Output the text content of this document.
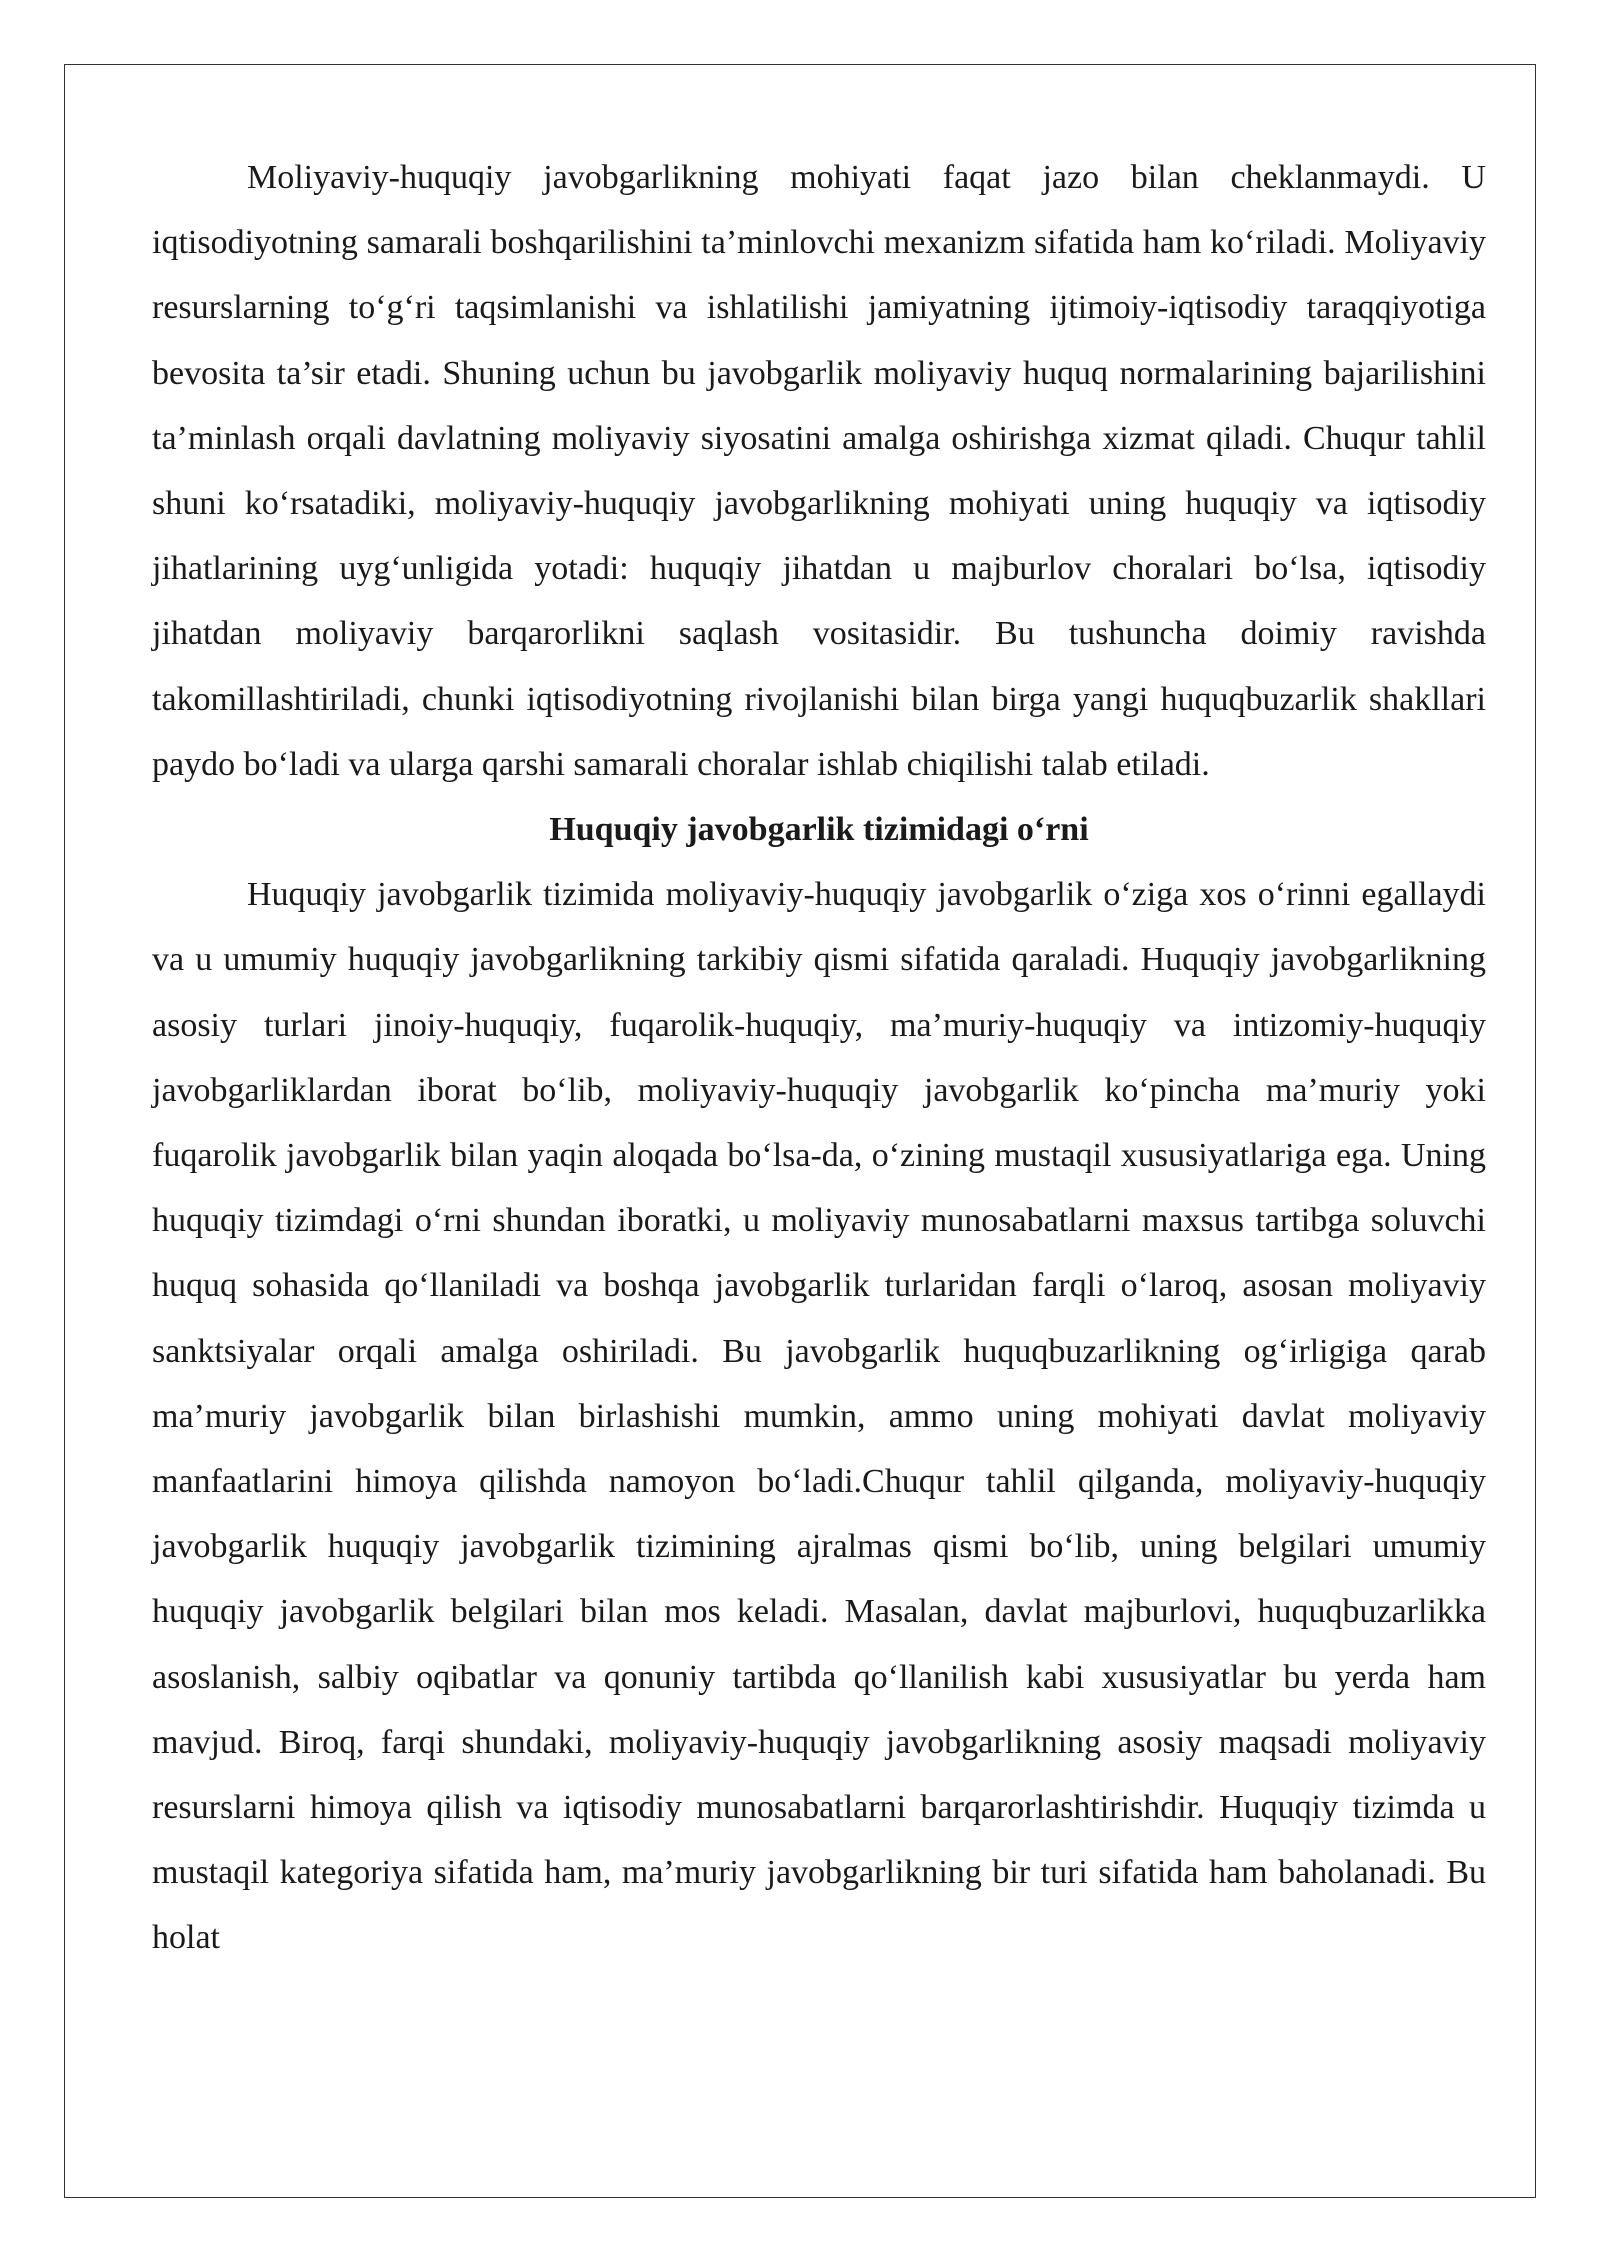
Moliyaviy-huquqiy javobgarlikning mohiyati faqat jazo bilan cheklanmaydi. U iqtisodiyotning samarali boshqarilishini ta’minlovchi mexanizm sifatida ham ko‘riladi. Moliyaviy resurslarning to‘g‘ri taqsimlanishi va ishlatilishi jamiyatning ijtimoiy-iqtisodiy taraqqiyotiga bevosita ta’sir etadi. Shuning uchun bu javobgarlik moliyaviy huquq normalarining bajarilishini ta’minlash orqali davlatning moliyaviy siyosatini amalga oshirishga xizmat qiladi. Chuqur tahlil shuni ko‘rsatadiki, moliyaviy-huquqiy javobgarlikning mohiyati uning huquqiy va iqtisodiy jihatlarining uyg‘unligida yotadi: huquqiy jihatdan u majburlov choralari bo‘lsa, iqtisodiy jihatdan moliyaviy barqarorlikni saqlash vositasidir. Bu tushuncha doimiy ravishda takomillashtiriladi, chunki iqtisodiyotning rivojlanishi bilan birga yangi huquqbuzarlik shakllari paydo bo‘ladi va ularga qarshi samarali choralar ishlab chiqilishi talab etiladi.

Huquqiy javobgarlik tizimidagi o‘rni

Huquqiy javobgarlik tizimida moliyaviy-huquqiy javobgarlik o‘ziga xos o‘rinni egallaydi va u umumiy huquqiy javobgarlikning tarkibiy qismi sifatida qaraladi. Huquqiy javobgarlikning asosiy turlari jinoiy-huquqiy, fuqarolik-huquqiy, ma’muriy-huquqiy va intizomiy-huquqiy javobgarliklardan iborat bo‘lib, moliyaviy-huquqiy javobgarlik ko‘pincha ma’muriy yoki fuqarolik javobgarlik bilan yaqin aloqada bo‘lsa-da, o‘zining mustaqil xususiyatlariga ega. Uning huquqiy tizimdagi o‘rni shundan iboratki, u moliyaviy munosabatlarni maxsus tartibga soluvchi huquq sohasida qo‘llaniladi va boshqa javobgarlik turlaridan farqli o‘laroq, asosan moliyaviy sanktsiyalar orqali amalga oshiriladi. Bu javobgarlik huquqbuzarlikning og‘irligiga qarab ma’muriy javobgarlik bilan birlashishi mumkin, ammo uning mohiyati davlat moliyaviy manfaatlarini himoya qilishda namoyon bo‘ladi.Chuqur tahlil qilganda, moliyaviy-huquqiy javobgarlik huquqiy javobgarlik tizimining ajralmas qismi bo‘lib, uning belgilari umumiy huquqiy javobgarlik belgilari bilan mos keladi. Masalan, davlat majburlovi, huquqbuzarlikka asoslanish, salbiy oqibatlar va qonuniy tartibda qo‘llanilish kabi xususiyatlar bu yerda ham mavjud. Biroq, farqi shundaki, moliyaviy-huquqiy javobgarlikning asosiy maqsadi moliyaviy resurslarni himoya qilish va iqtisodiy munosabatlarni barqarorlashtirishdir. Huquqiy tizimda u mustaqil kategoriya sifatida ham, ma’muriy javobgarlikning bir turi sifatida ham baholanadi. Bu holat
